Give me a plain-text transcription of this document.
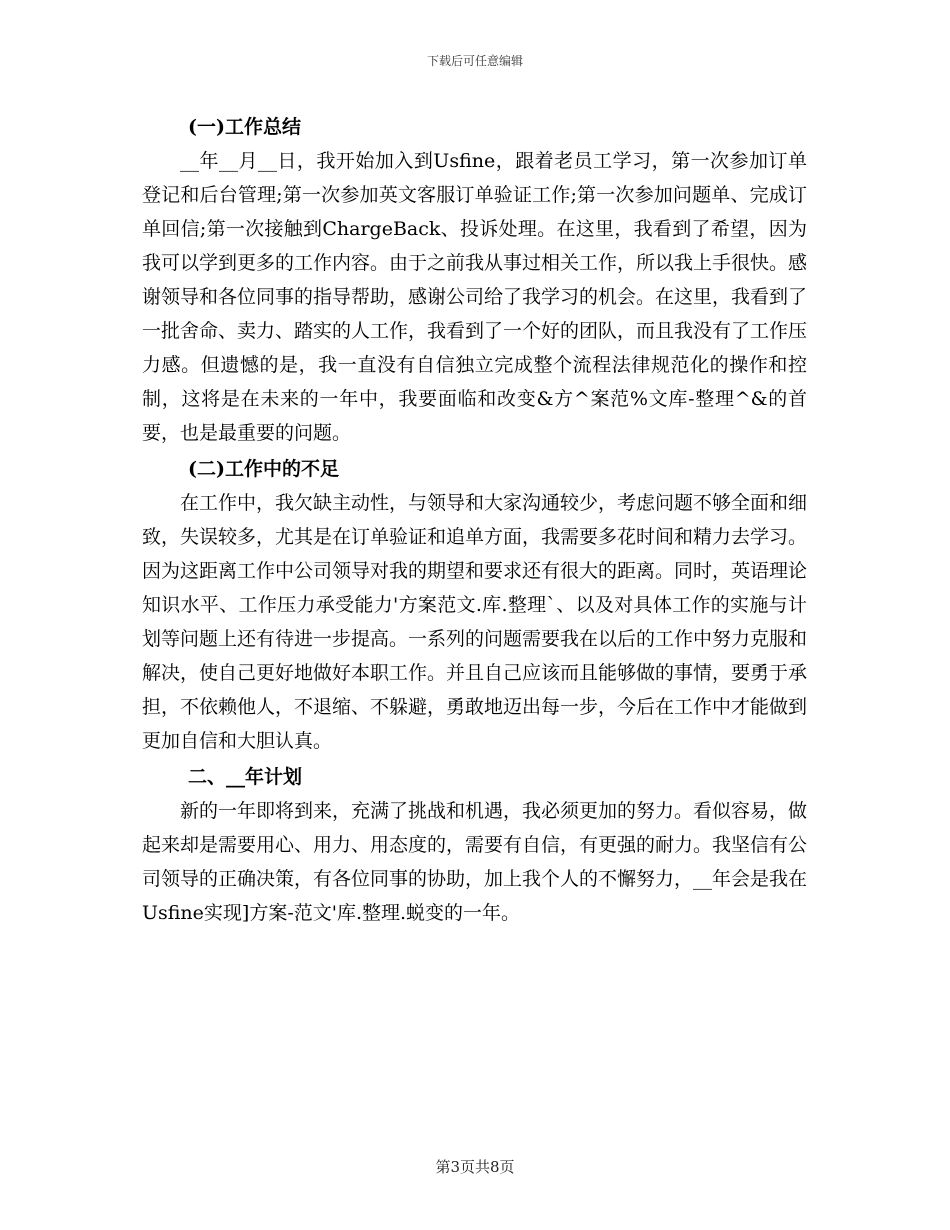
下载后可任意编辑
(一)工作总结

__年__月__日，我开始加入到Usfine，跟着老员工学习，第一次参加订单登记和后台管理;第一次参加英文客服订单验证工作;第一次参加问题单、完成订单回信;第一次接触到ChargeBack、投诉处理。在这里，我看到了希望，因为我可以学到更多的工作内容。由于之前我从事过相关工作，所以我上手很快。感谢领导和各位同事的指导帮助，感谢公司给了我学习的机会。在这里，我看到了一批舍命、卖力、踏实的人工作，我看到了一个好的团队，而且我没有了工作压力感。但遗憾的是，我一直没有自信独立完成整个流程法律规范化的操作和控制，这将是在未来的一年中，我要面临和改变&方^案范%文库-整理^&的首要，也是最重要的问题。

(二)工作中的不足

在工作中，我欠缺主动性，与领导和大家沟通较少，考虑问题不够全面和细致，失误较多，尤其是在订单验证和追单方面，我需要多花时间和精力去学习。因为这距离工作中公司领导对我的期望和要求还有很大的距离。同时，英语理论知识水平、工作压力承受能力'方案范文.库.整理`、以及对具体工作的实施与计划等问题上还有待进一步提高。一系列的问题需要我在以后的工作中努力克服和解决，使自己更好地做好本职工作。并且自己应该而且能够做的事情，要勇于承担，不依赖他人，不退缩、不躲避，勇敢地迈出每一步，今后在工作中才能做到更加自信和大胆认真。

二、__年计划

新的一年即将到来，充满了挑战和机遇，我必须更加的努力。看似容易，做起来却是需要用心、用力、用态度的，需要有自信，有更强的耐力。我坚信有公司领导的正确决策，有各位同事的协助，加上我个人的不懈努力，__年会是我在Usfine实现]方案-范文'库.整理.蜕变的一年。

第3页共8页
